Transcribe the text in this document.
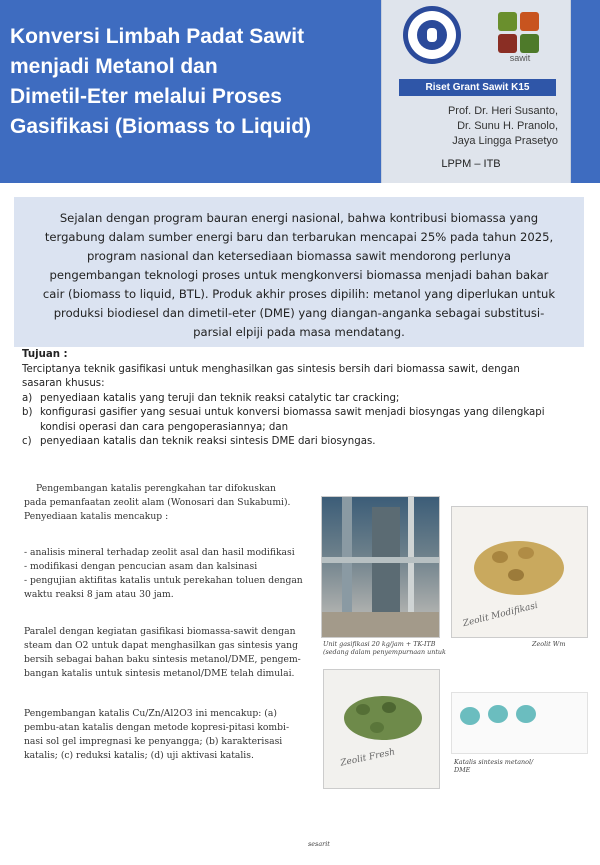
Konversi Limbah Padat Sawit
menjadi Metanol dan
Dimetil-Eter melalui Proses
Gasifikasi (Biomass to Liquid)
sawit
Riset Grant Sawit K15
Prof. Dr. Heri Susanto,
Dr. Sunu H. Pranolo,
Jaya Lingga Prasetyo
LPPM – ITB
Sejalan dengan program bauran energi nasional, bahwa kontribusi biomassa yang
tergabung dalam sumber energi baru dan terbarukan mencapai 25% pada tahun 2025,
program nasional dan ketersediaan biomassa sawit mendorong perlunya
pengembangan teknologi proses untuk mengkonversi biomassa menjadi bahan bakar
cair (biomass to liquid, BTL). Produk akhir proses dipilih: metanol yang diperlukan untuk
produksi biodiesel dan dimetil-eter (DME) yang diangan-anganka sebagai substitusi-
parsial elpiji pada masa mendatang.
Tujuan :
Terciptanya teknik gasifikasi untuk menghasilkan gas sintesis bersih dari biomassa sawit, dengan
sasaran khusus:
a) penyediaan katalis yang teruji dan teknik reaksi catalytic tar cracking;
b) konfigurasi gasifier yang sesuai untuk konversi biomassa sawit menjadi biosyngas yang dilengkapi
kondisi operasi dan cara pengoperasiannya; dan
c) penyediaan katalis dan teknik reaksi sintesis DME dari biosyngas.
Pengembangan katalis perengkahan tar difokuskan
pada pemanfaatan zeolit alam (Wonosari dan Sukabumi).
Penyediaan katalis mencakup :
- analisis mineral terhadap zeolit asal dan hasil modifikasi
- modifikasi dengan pencucian asam dan kalsinasi
- pengujian aktifitas katalis untuk perekahan toluen dengan
waktu reaksi 8 jam atau 30 jam.
Paralel dengan kegiatan gasifikasi biomassa-sawit dengan
steam dan O2 untuk dapat menghasilkan gas sintesis yang
bersih sebagai bahan baku sintesis metanol/DME, pengem-
bangan katalis untuk sintesis metanol/DME telah dimulai.
Pengembangan katalis Cu/Zn/Al2O3 ini mencakup: (a)
pembu-atan katalis dengan metode kopresi-pitasi kombi-
nasi sol gel impregnasi ke penyangga; (b) karakterisasi
katalis; (c) reduksi katalis; (d) uji aktivasi katalis.
Unit gasifikasi 20 kg/jam + TK-ITB
(sedang dalam penyempurnaan untuk
Zeolit Modifikasi
Zeolit Wm
Zeolit Fresh	Katalis sintesis metanol/
DME
sesarit
